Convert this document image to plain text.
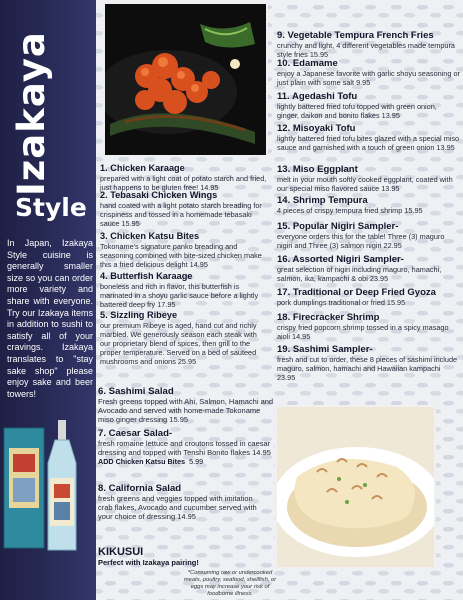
Izakaya
Style

In Japan, Izakaya Style cuisine is generally smaller size so you can order more variety and share with everyone. Try our Izakaya items in addition to sushi to satisfy all of your cravings. Izakaya translates to "stay sake shop" please enjoy sake and beer towers!

1. Chicken Karaage
prepared with a light coat of potato starch and fried, just happens to be gluten free! 14.95
2. Tebasaki Chicken Wings
hand coated with a light potato starch breading for crispiness and tossed in a homemade tebasaki sauce 15.95
3. Chicken Katsu Bites
Tokoname's signature panko breading and seasoning combined with bite-sized chicken make this a fried delicious delight 14.95
4. Butterfish Karaage
boneless and rich in flavor, this butterfish is marinated in a shoyu garlic sauce before a lightly battered deep fry 17.95
5. Sizzling Ribeye
our premium Ribeye is aged, hand cut and richly marbled. We generously season each steak with our proprietary blend of spices, then grill to the proper temperature. Served on a bed of sauteed mushrooms and onions 25.95
9. Vegetable Tempura French Fries
crunchy and light, 4 different vegetables made tempura style fries 15.95
10. Edamame
enjoy a Japanese favorite with garlic shoyu seasoning or just plain with some salt 9.95
11. Agedashi Tofu
lightly battered fried tofu topped with green onion, ginger, daikon and bonito flakes 13.95
12. Misoyaki Tofu
lightly battered fried tofu bites glazed with a special miso sauce and garnished with a touch of green onion 13.95
13. Miso Eggplant
melt in your mouth softly cooked eggplant, coated with our special miso flavored sauce 13.95
14. Shrimp Tempura
4 pieces of crispy tempura fried shrimp 15.95
15. Popular Nigiri Sampler-
everyone orders this for the table! Three (3) maguro nigiri and Three (3) salmon nigiri 22.95
16. Assorted Nigiri Sampler-
great selection of nigiri including maguro, hamachi, salmon, ika, kampachi & obi 23.95
17. Traditional or Deep Fried Gyoza
pork dumplings traditional or fried 15.95
18. Firecracker Shrimp
crispy fried popcorn shrimp tossed in a spicy masago aioli 14.95
19. Sashimi Sampler-
fresh and cut to order, these 8 pieces of sashimi include maguro, salmon, hamachi and Hawaiian kampachi 23.95
6. Sashimi Salad
Fresh greens topped with Ahi, Salmon, Hamachi and Avocado and served with home-made Tokoname miso ginger dressing 15.95
7. Caesar Salad-
fresh romaine lettuce and croutons tossed in caesar dressing and topped with Tenshi Bonito flakes 14.95
ADD Chicken Katsu Bites 5.99
8. California Salad
fresh greens and veggies topped with imitation crab flakes, Avocado and cucumber served with your choice of dressing 14.95
KIKUSUI
Perfect with Izakaya pairing!

*Consuming raw or undercooked meats, poultry, seafood, shellfish, or eggs may increase your risk of foodborne illness.
